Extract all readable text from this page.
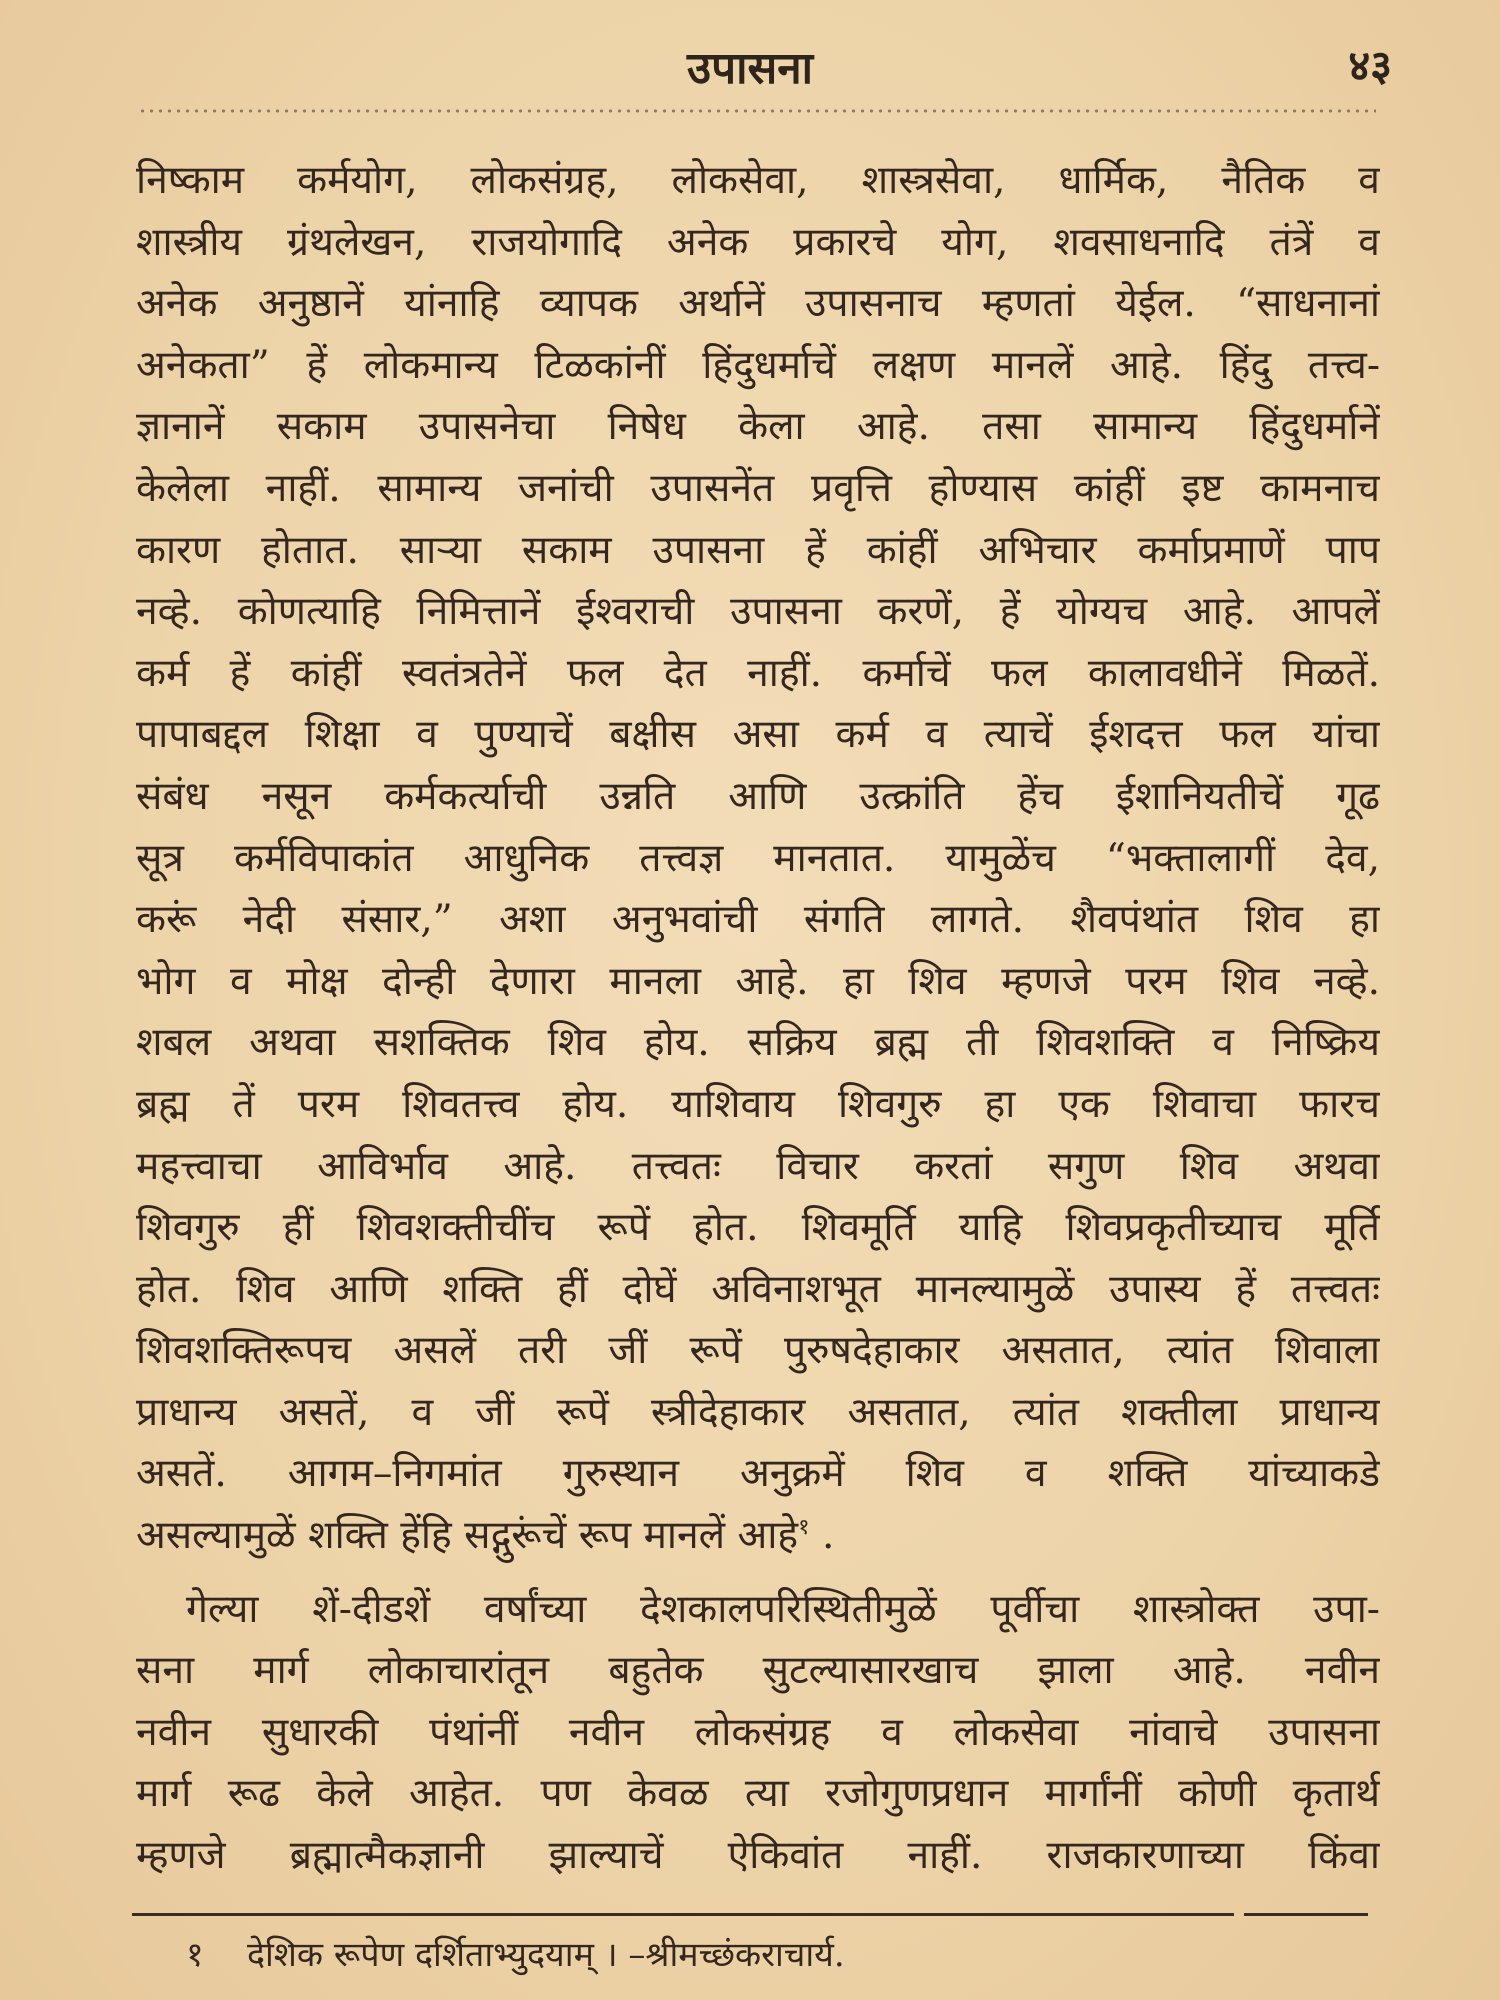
उपासना	४३
निष्काम कर्मयोग, लोकसंग्रह, लोकसेवा, शास्त्रसेवा, धार्मिक, नैतिक व
शास्त्रीय ग्रंथलेखन, राजयोगादि अनेक प्रकारचे योग, शवसाधनादि तंत्रें व
अनेक अनुष्ठानें यांनाहि व्यापक अर्थानें उपासनाच म्हणतां येईल. “साधनानां
अनेकता” हें लोकमान्य टिळकांनीं हिंदुधर्माचें लक्षण मानलें आहे. हिंदु तत्त्व-
ज्ञानानें सकाम उपासनेचा निषेध केला आहे. तसा सामान्य हिंदुधर्मानें
केलेला नाहीं. सामान्य जनांची उपासनेंत प्रवृत्ति होण्यास कांहीं इष्ट कामनाच
कारण होतात. साऱ्या सकाम उपासना हें कांहीं अभिचार कर्माप्रमाणें पाप
नव्हे. कोणत्याहि निमित्तानें ईश्वराची उपासना करणें, हें योग्यच आहे. आपलें
कर्म हें कांहीं स्वतंत्रतेनें फल देत नाहीं. कर्माचें फल कालावधीनें मिळतें.
पापाबद्दल शिक्षा व पुण्याचें बक्षीस असा कर्म व त्याचें ईशदत्त फल यांचा
संबंध नसून कर्मकर्त्याची उन्नति आणि उत्क्रांति हेंच ईशानियतीचें गूढ
सूत्र कर्मविपाकांत आधुनिक तत्त्वज्ञ मानतात. यामुळेंच “भक्तालागीं देव,
करूं नेदी संसार,” अशा अनुभवांची संगति लागते. शैवपंथांत शिव हा
भोग व मोक्ष दोन्ही देणारा मानला आहे. हा शिव म्हणजे परम शिव नव्हे.
शबल अथवा सशक्तिक शिव होय. सक्रिय ब्रह्म ती शिवशक्ति व निष्क्रिय
ब्रह्म तें परम शिवतत्त्व होय. याशिवाय शिवगुरु हा एक शिवाचा फारच
महत्त्वाचा आविर्भाव आहे. तत्त्वतः विचार करतां सगुण शिव अथवा
शिवगुरु हीं शिवशक्तीचींच रूपें होत. शिवमूर्ति याहि शिवप्रकृतीच्याच मूर्ति
होत. शिव आणि शक्ति हीं दोघें अविनाशभूत मानल्यामुळें उपास्य हें तत्त्वतः
शिवशक्तिरूपच असलें तरी जीं रूपें पुरुषदेहाकार असतात, त्यांत शिवाला
प्राधान्य असतें, व जीं रूपें स्त्रीदेहाकार असतात, त्यांत शक्तीला प्राधान्य
असतें. आगम–निगमांत गुरुस्थान अनुक्रमें शिव व शक्ति यांच्याकडे
असल्यामुळें शक्ति हेंहि सद्गुरूंचें रूप मानलें आहे$^१$ .
गेल्या शें-दीडशें वर्षांच्या देशकालपरिस्थितीमुळें पूर्वीचा शास्त्रोक्त उपा-
सना मार्ग लोकाचारांतून बहुतेक सुटल्यासारखाच झाला आहे. नवीन
नवीन सुधारकी पंथांनीं नवीन लोकसंग्रह व लोकसेवा नांवाचे उपासना
मार्ग रूढ केले आहेत. पण केवळ त्या रजोगुणप्रधान मार्गांनीं कोणी कृतार्थ
म्हणजे ब्रह्मात्मैकज्ञानी झाल्याचें ऐकिवांत नाहीं. राजकारणाच्या किंवा
१ देशिक रूपेण दर्शिताभ्युदयाम् । –श्रीमच्छंकराचार्य.
